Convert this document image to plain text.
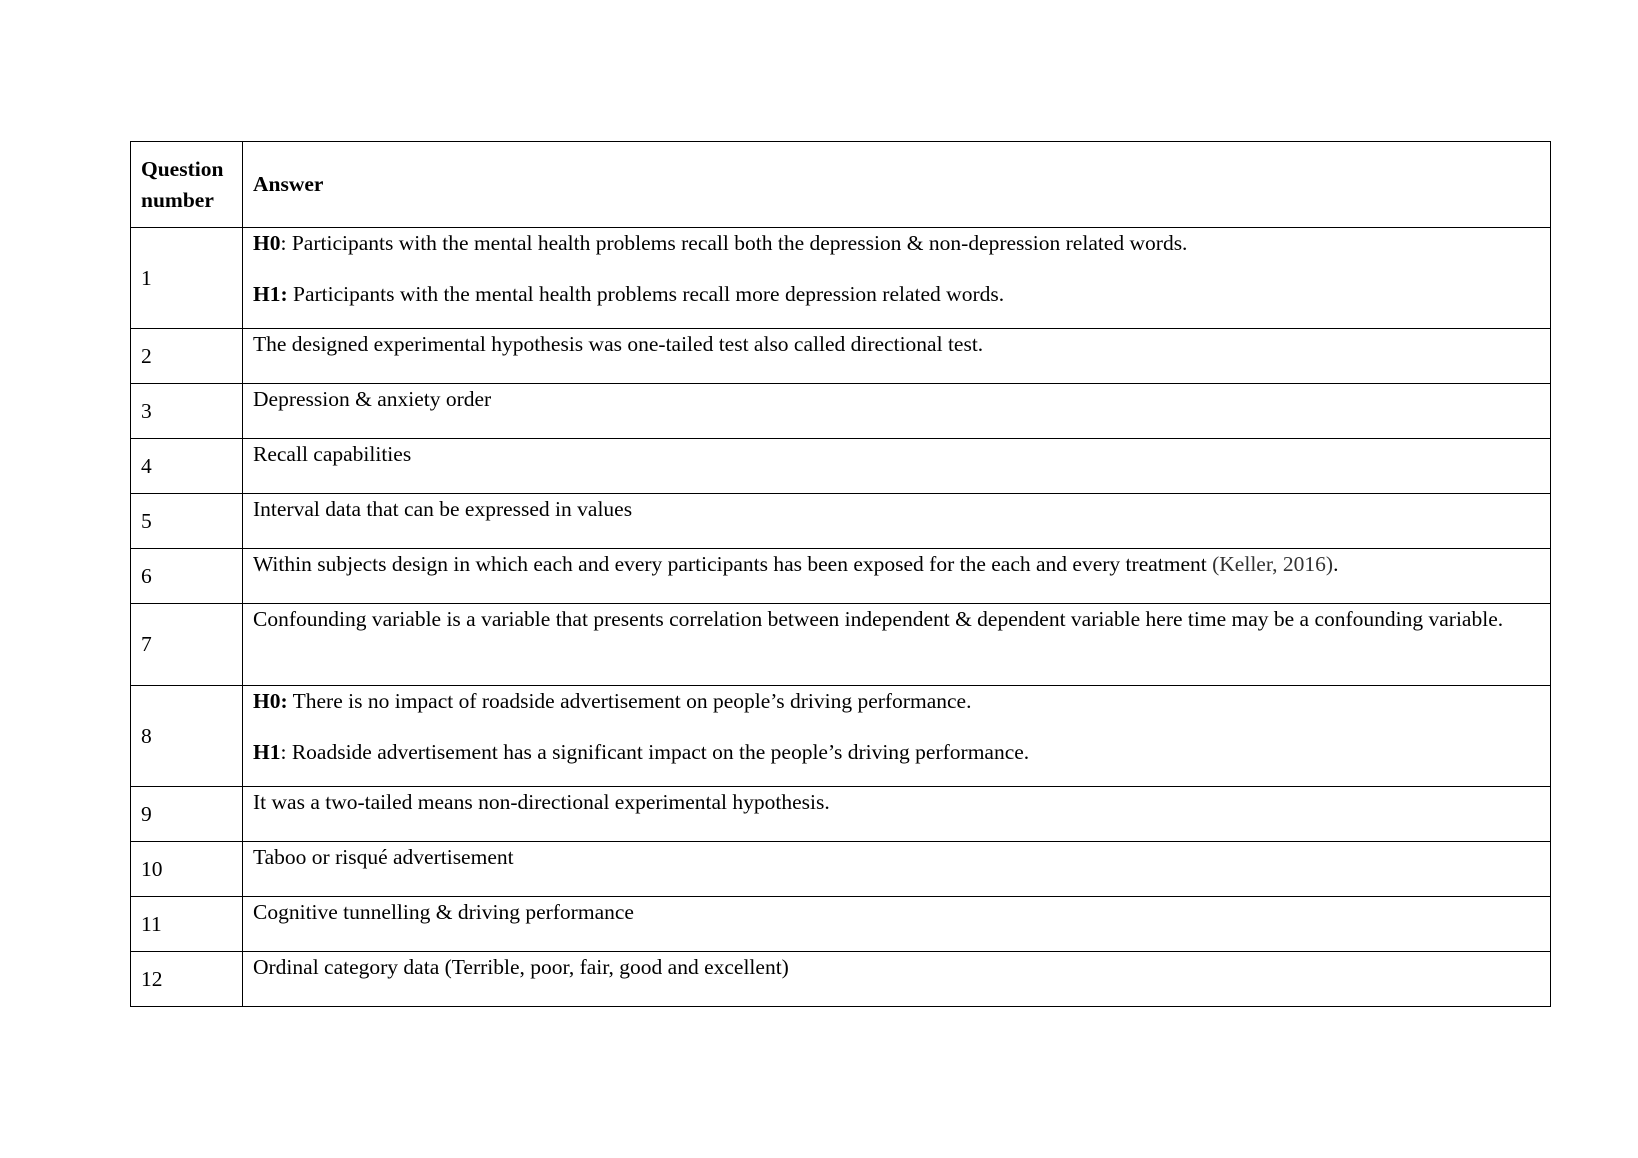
Question number	Answer
1	H0: Participants with the mental health problems recall both the depression & non-depression related words.

H1: Participants with the mental health problems recall more depression related words.

2	The designed experimental hypothesis was one-tailed test also called directional test.

3	Depression & anxiety order

4	Recall capabilities

5	Interval data that can be expressed in values

6	Within subjects design in which each and every participants has been exposed for the each and every treatment (Keller, 2016).

7	Confounding variable is a variable that presents correlation between independent & dependent variable here time may be a confounding variable.

8	H0: There is no impact of roadside advertisement on people’s driving performance.

H1: Roadside advertisement has a significant impact on the people’s driving performance.

9	It was a two-tailed means non-directional experimental hypothesis.

10	Taboo or risqué advertisement

11	Cognitive tunnelling & driving performance

12	Ordinal category data (Terrible, poor, fair, good and excellent)
